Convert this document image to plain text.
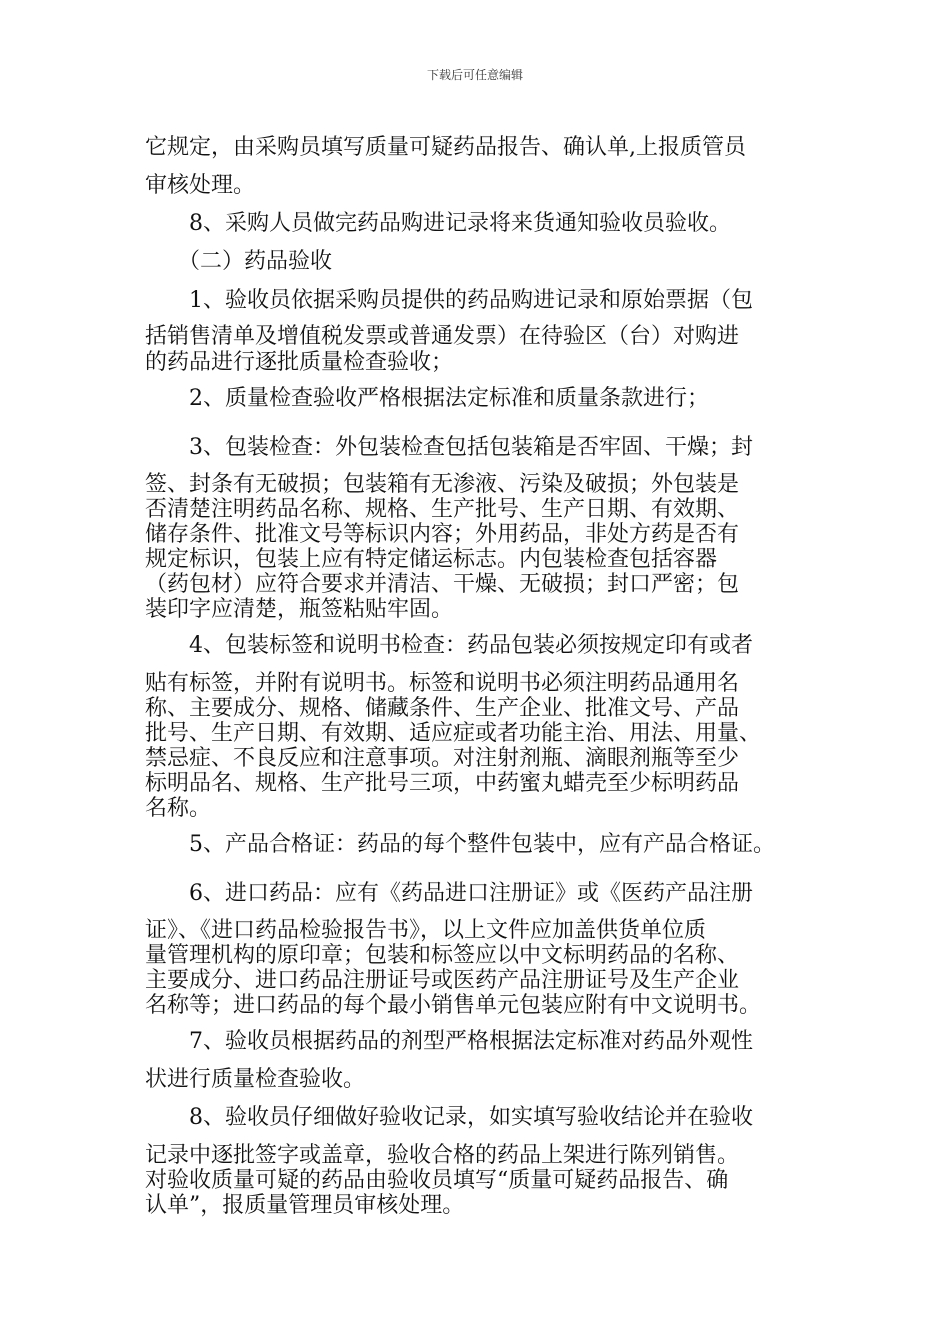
下载后可任意编辑
它规定，由采购员填写质量可疑药品报告、确认单,上报质管员
审核处理。
8、采购人员做完药品购进记录将来货通知验收员验收。
（二）药品验收
1、验收员依据采购员提供的药品购进记录和原始票据（包
括销售清单及增值税发票或普通发票）在待验区（台）对购进
的药品进行逐批质量检查验收；
2、质量检查验收严格根据法定标准和质量条款进行；
3、包装检查：外包装检查包括包装箱是否牢固、干燥；封
签、封条有无破损；包装箱有无渗液、污染及破损；外包装是
否清楚注明药品名称、规格、生产批号、生产日期、有效期、
储存条件、批准文号等标识内容；外用药品，非处方药是否有
规定标识，包装上应有特定储运标志。内包装检查包括容器
（药包材）应符合要求并清洁、干燥、无破损；封口严密；包
装印字应清楚，瓶签粘贴牢固。
4、包装标签和说明书检查：药品包装必须按规定印有或者
贴有标签，并附有说明书。标签和说明书必须注明药品通用名
称、主要成分、规格、储藏条件、生产企业、批准文号、产品
批号、生产日期、有效期、适应症或者功能主治、用法、用量、
禁忌症、不良反应和注意事项。对注射剂瓶、滴眼剂瓶等至少
标明品名、规格、生产批号三项，中药蜜丸蜡壳至少标明药品
名称。
5、产品合格证：药品的每个整件包装中，应有产品合格证。
6、进口药品：应有《药品进口注册证》或《医药产品注册
证》、《进口药品检验报告书》，以上文件应加盖供货单位质
量管理机构的原印章；包装和标签应以中文标明药品的名称、
主要成分、进口药品注册证号或医药产品注册证号及生产企业
名称等；进口药品的每个最小销售单元包装应附有中文说明书。
7、验收员根据药品的剂型严格根据法定标准对药品外观性
状进行质量检查验收。
8、验收员仔细做好验收记录，如实填写验收结论并在验收
记录中逐批签字或盖章，验收合格的药品上架进行陈列销售。
对验收质量可疑的药品由验收员填写“质量可疑药品报告、确
认单”，报质量管理员审核处理。
